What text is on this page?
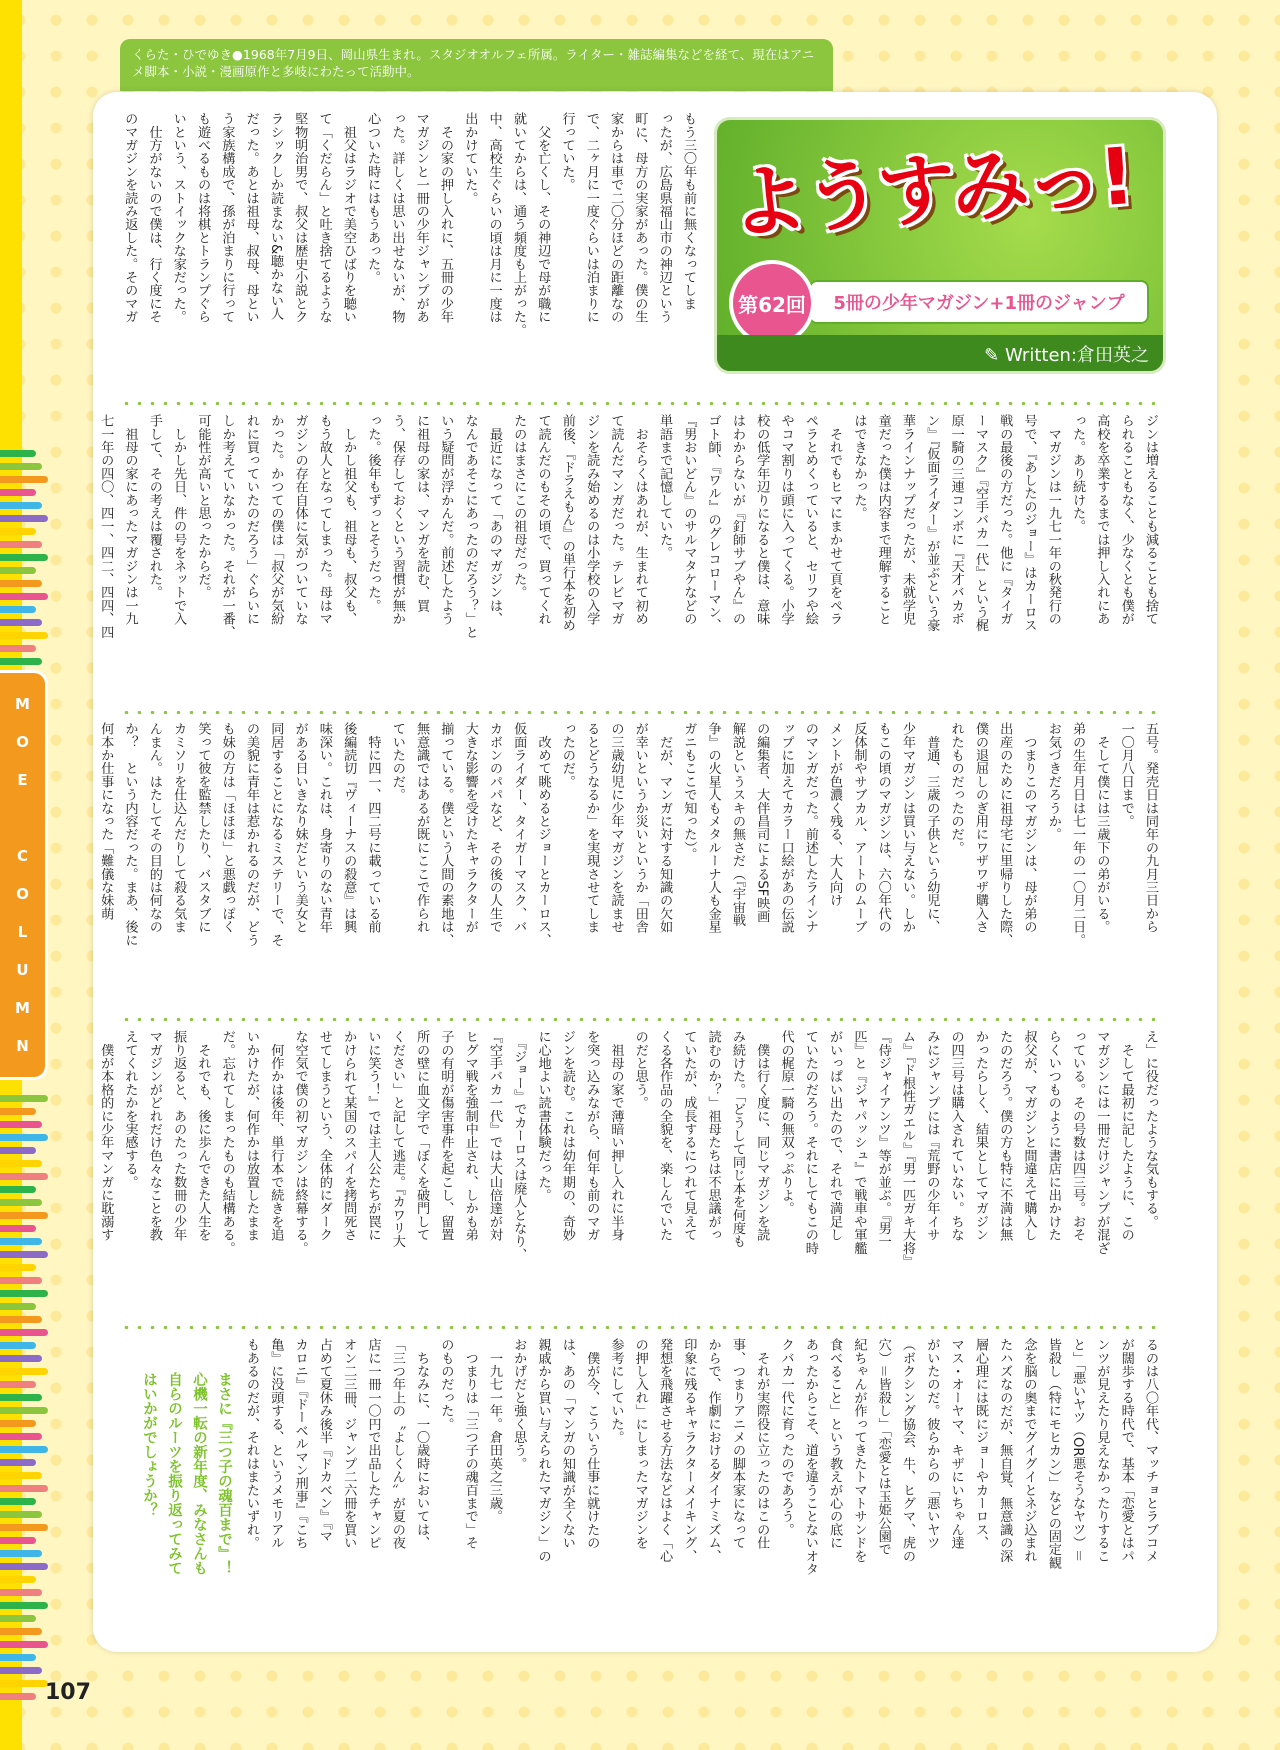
M
O
E

C
O
L
U
M
N
くらた・ひでゆき●1968年7月9日、岡山県生まれ。スタジオオルフェ所属。ライター・雑誌編集などを経て、現在はアニメ脚本・小説・漫画原作と多岐にわたって活動中。
ようすみっ!
5冊の少年マガジン+1冊のジャンプ
第62回
✎ Written:倉田英之
もう三〇年も前に無くなってしま
ったが、広島県福山市の神辺という
町に、母方の実家があった。僕の生
家からは車で二〇分ほどの距離なの
で、二ヶ月に一度ぐらいは泊まりに
行っていた。
　父を亡くし、その神辺で母が職に
就いてからは、通う頻度も上がった。
中、高校生ぐらいの頃は月に一度は
出かけていた。
　その家の押し入れに、五冊の少年
マガジンと一冊の少年ジャンプがあ
った。詳しくは思い出せないが、物
心ついた時にはもうあった。
　祖父はラジオで美空ひばりを聴い
て「くだらん」と吐き捨てるような
堅物明治男で、叔父は歴史小説とク
ラシックしか読まない&聴かない人
だった。あとは祖母、叔母、母とい
う家族構成で、孫が泊まりに行って
も遊べるものは将棋とトランプぐら
いという、ストイックな家だった。
　仕方がないので僕は、行く度にそ
のマガジンを読み返した。そのマガ
ジンは増えることも減ることも捨て
られることもなく、少なくとも僕が
高校を卒業するまでは押し入れにあ
った。あり続けた。
　マガジンは一九七一年の秋発行の
号で、『あしたのジョー』はカーロス
戦の最後の方だった。他に『タイガ
ーマスク』『空手バカ一代』という梶
原一騎の三連コンボに『天才バカボ
ン』『仮面ライダー』が並ぶという豪
華ラインナップだったが、未就学児
童だった僕は内容まで理解すること
はできなかった。
　それでもヒマにまかせて頁をペラ
ペラとめくっていると、セリフや絵
やコマ割りは頭に入ってくる。小学
校の低学年辺りになると僕は、意味
はわからないが『釘師サブやん』の
ゴト師、『ワル』のグレコローマン、
『男おいどん』のサルマタケなどの
単語まで記憶していた。
　おそらくはあれが、生まれて初め
て読んだマンガだった。テレビマガ
ジンを読み始めるのは小学校の入学
前後、『ドラえもん』の単行本を初め
て読んだのもその頃で、買ってくれ
たのはまさにこの祖母だった。
　最近になって「あのマガジンは、
なんであそこにあったのだろう？」と
いう疑問が浮かんだ。前述したよう
に祖母の家は、マンガを読む、買
う、保存しておくという習慣が無か
った。後年もずっとそうだった。
　しかし祖父も、祖母も、叔父も、
もう故人となってしまった。母はマ
ガジンの存在自体に気がついていな
かった。かつての僕は「叔父が気紛
れに買っていたのだろう」ぐらいに
しか考えていなかった。それが一番、
可能性が高いと思ったからだ。
　しかし先日、件の号をネットで入
手して、その考えは覆された。
　祖母の家にあったマガジンは一九
七一年の四〇、四一、四二、四四、四
五号。発売日は同年の九月三日から
一〇月八日まで。
　そして僕には三歳下の弟がいる。
弟の生年月日は七一年の一〇月二日。
お気づきだろうか。
　つまりこのマガジンは、母が弟の
出産のために祖母宅に里帰りした際、
僕の退屈しのぎ用にワザワザ購入さ
れたものだったのだ。
　普通、三歳の子供という幼児に、
少年マガジンは買い与えない。しか
もこの頃のマガジンは、六〇年代の
反体制やサブカル、アートのムーブ
メントが色濃く残る、大人向け
のマンガだった。前述したラインナ
ップに加えてカラー口絵があの伝説
の編集者、大伴昌司によるSF映画
解説というスキの無さだ（『宇宙戦
争』の火星人もメタルーナ人も金星
ガニもここで知った）。
　だが、マンガに対する知識の欠如
が幸いというか災いというか「田舎
の三歳幼児に少年マガジンを読ませ
るとどうなるか」を実現させてしま
ったのだ。
　改めて眺めるとジョーとカーロス、
仮面ライダー、タイガーマスク、バ
カボンのパパなど、その後の人生で
大きな影響を受けたキャラクターが
揃っている。僕という人間の素地は、
無意識ではあるが既にここで作られ
ていたのだ。
　特に四一、四二号に載っている前
後編読切『ヴィーナスの殺意』は興
味深い。これは、身寄りのない青年
がある日いきなり妹だという美女と
同居することになるミステリーで、そ
の美貌に青年は惹かれるのだが、どう
も妹の方は「ほほほ」と悪戯っぽく
笑って彼を監禁したり、バスタブに
カミソリを仕込んだりして殺る気ま
んまん。はたしてその目的は何なの
か？　という内容だった。まあ、後に
何本か仕事になった「難儀な妹萌
え」に役だったような気もする。
　そして最初に記したように、この
マガジンには一冊だけジャンプが混ざ
っている。その号数は四三号。おそ
らくいつものように書店に出かけた
叔父が、マガジンと間違えて購入し
たのだろう。僕の方も特に不満は無
かったらしく、結果としてマガジン
の四三号は購入されていない。ちな
みにジャンプには『荒野の少年イサ
ム』『ド根性ガエル』『男一匹ガキ大将』
『侍ジャイアンツ』等が並ぶ。『男一
匹』と『ジャパッシュ』で戦車や軍艦
がいっぱい出たので、それで満足し
ていたのだろう。それにしてもこの時
代の梶原一騎の無双っぷりよ。
　僕は行く度に、同じマガジンを読
み続けた。「どうして同じ本を何度も
読むのか？」祖母たちは不思議がっ
ていたが、成長するにつれて見えて
くる各作品の全貌を、楽しんでいた
のだと思う。
　祖母の家で薄暗い押し入れに半身
を突っ込みながら、何年も前のマガ
ジンを読む。これは幼年期の、奇妙
に心地よい読書体験だった。
　『ジョー』でカーロスは廃人となり、
『空手バカ一代』では大山倍達が対
ヒグマ戦を強制中止され、しかも弟
子の有明が傷害事件を起こし、留置
所の壁に血文字で「ぼくを破門して
ください」と記して逃走。『カワリ大
いに笑う！』では主人公たちが罠に
かけられて某国のスパイを拷問死さ
せてしまうという、全体的にダーク
な空気で僕の初マガジンは終幕する。
　何作かは後年、単行本で続きを追
いかけたが、何作かは放置したまま
だ。忘れてしまったものも結構ある。
　それでも、後に歩んできた人生を
振り返ると、あのたった数冊の少年
マガジンがどれだけ色々なことを教
えてくれたかを実感する。
　僕が本格的に少年マンガに耽溺す
るのは八〇年代、マッチョとラブコメ
が闊歩する時代で、基本「恋愛とはパ
ンツが見えたり見えなかったりするこ
と」「悪いヤツ（OR悪そうなヤツ）＝
皆殺し（特にモヒカン）」などの固定観
念を脳の奥までグイグイとネジ込まれ
たハズなのだが、無自覚、無意識の深
層心理には既にジョーやカーロス、
マス・オーヤマ、キザにいちゃん達
がいたのだ。彼らからの「悪いヤツ
（ボクシング協会、牛、ヒグマ、虎の
穴）＝皆殺し」「恋愛とは玉姫公園で
紀ちゃんが作ってきたトマトサンドを
食べること」という教えが心の底に
あったからこそ、道を違うことないオタ
クバカ一代に育ったのであろう。
　それが実際役に立ったのはこの仕
事、つまりアニメの脚本家になって
からで、作劇におけるダイナミズム、
印象に残るキャラクターメイキング、
発想を飛躍させる方法などはよく「心
の押し入れ」にしまったマガジンを
参考にしていた。
　僕が今、こういう仕事に就けたの
は、あの「マンガの知識が全くない
親戚から買い与えられたマガジン」の
おかげだと強く思う。
　一九七一年。倉田英之三歳。
　つまりは「三つ子の魂百まで」そ
のものだった。
　ちなみに、一〇歳時においては、
「三つ年上の〝よしくん〟が夏の夜
店に一冊一〇円で出品したチャンピ
オン二三冊、ジャンプ二六冊を買い
占めて夏休み後半『ドカベン』『マ
カロニ』『ドーベルマン刑事』『こち
亀』に没頭する、というメモリアル
もあるのだが、それはまたいずれ。
まさに『三つ子の魂百まで』！
心機一転の新年度、みなさんも
自らのルーツを振り返ってみて
はいかがでしょうか？
107
